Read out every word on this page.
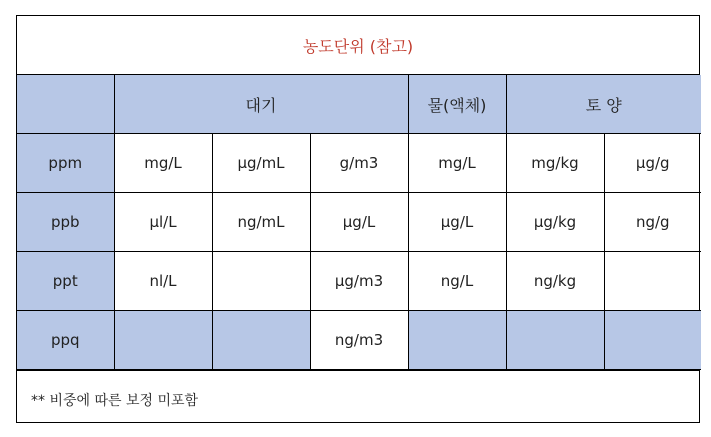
농도단위 (참고)
	대기			물(액체)	토 양	
ppm	mg/L	μg/mL	g/m3	mg/L	mg/kg	μg/g
ppb	μl/L	ng/mL	μg/L	μg/L	μg/kg	ng/g
ppt	nl/L		μg/m3	ng/L	ng/kg	
ppq			ng/m3			
** 비중에 따른 보정 미포함
